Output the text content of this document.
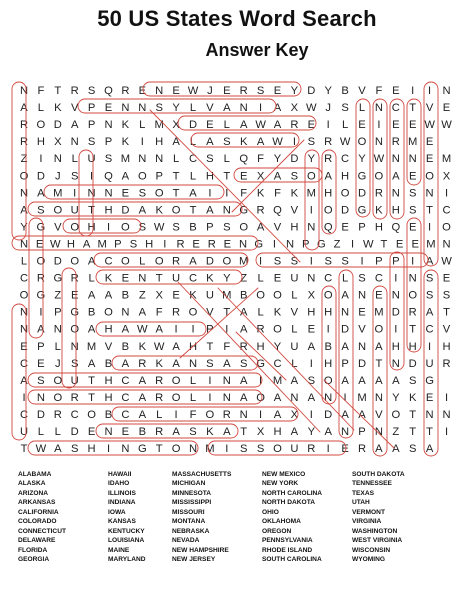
50 US States Word Search
Answer Key
N F T R S Q R E N E W J E R S E Y D Y B V F E I I N
A L K V P E N N S Y L V A N I A X W J S L N C T V E
R O D A P N K L M X D E L A W A R E I L E I E E W W
R H X N S P K I H A L A S K A W I S R W O N R M E
Z I N L U S M N N L C S L Q F Y D Y R C Y W N N E M
O D J S I Q A O P T L H T E X A S O A H G O A E O X
N A M I N N E S O T A I I F K F K M H O D R N S N I
A S O U T H D A K O T A N G R Q V I O D G K H S T C
Y G V O H I O S W S B P S O A V H N Q E P H Q E I O
N E W H A M P S H I R E R E N G I N P G Z I W T E E M N
L O D O A C O L O R A D O M I S S I S S I P P I A W
C R G R L K E N T U C K Y Z L E U N C L S C I N S E
O G Z E A A B Z X E K U M B O O L X O A N E N O S S
N I P G B O N A F R O V T A L K V H H N E M D R A T
N A N O A H A W A I I P I A R O L E I D V O I T C V
E P L N M V B K W A H T F R H Y U A B A N A H H I H
C E J S A B A R K A N S A S G C L I H P D T N D U R
A S O U T H C A R O L I N A I M A S O A A A A S G
I N O R T H C A R O L I N A O A N A N I M N Y K E I
C D R C O B C A L I F O R N I A X I D A A V O T N N
U L L D E N E B R A S K A T X H A Y A N P N Z T T I
T W A S H I N G T O N M I S S O U R I E R A A S A
ALABAMA
ALASKA
ARIZONA
ARKANSAS
CALIFORNIA
COLORADO
CONNECTICUT
DELAWARE
FLORIDA
GEORGIA
HAWAII
IDAHO
ILLINOIS
INDIANA
IOWA
KANSAS
KENTUCKY
LOUISIANA
MAINE
MARYLAND
MASSACHUSETTS
MICHIGAN
MINNESOTA
MISSISSIPPI
MISSOURI
MONTANA
NEBRASKA
NEVADA
NEW HAMPSHIRE
NEW JERSEY
NEW MEXICO
NEW YORK
NORTH CAROLINA
NORTH DAKOTA
OHIO
OKLAHOMA
OREGON
PENNSYLVANIA
RHODE ISLAND
SOUTH CAROLINA
SOUTH DAKOTA
TENNESSEE
TEXAS
UTAH
VERMONT
VIRGINIA
WASHINGTON
WEST VIRGINIA
WISCONSIN
WYOMING
